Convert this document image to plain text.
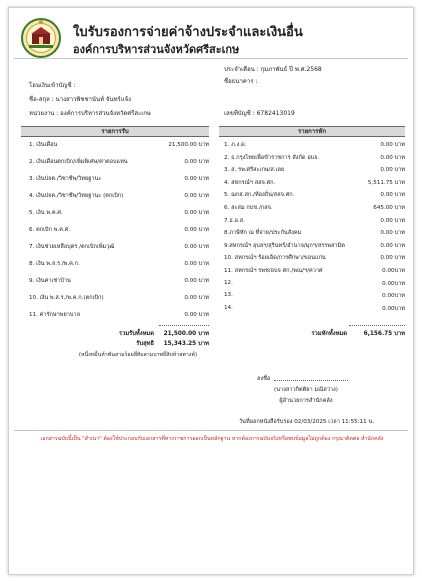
ใบรับรองการจ่ายค่าจ้างประจำและเงินอื่น
องค์การบริหารส่วนจังหวัดศรีสะเกษ
ประจำเดือน : กุมภาพันธ์ ปี พ.ศ.2568
ชื่อธนาคาร :
โอนเงินเข้าบัญชี :
ชื่อ-สกุล : นางสาวพิชชานันท์ จันทร์แจ้ง
หน่วยงาน : องค์การบริหารส่วนจังหวัดศรีสะเกษ	เลขที่บัญชี : 6782413019
รายการรับ	รายการหัก
1. เงินเดือน	21,500.00 บาท
2. เงินเดือนตกเบิก/เพิ่มพิเศษ/ค่าตอบแทน	0.00 บาท
3. เงินปจต./วิชาชีพ/วิทยฐานะ	0.00 บาท
4. เงินปจต./วิชาชีพ/วิทยฐานะ (ตกเบิก)	0.00 บาท
5. เงิน พ.ค.ศ.	0.00 บาท
6. ตกเบิก พ.ค.ศ.	0.00 บาท
7. เงินช่วยเหลือบุตร /ตกเบิกเพิ่มวุฒิ	0.00 บาท
8. เงิน พ.ส.ร./พ.ค.ก.	0.00 บาท
9. เงินค่าเช่าบ้าน	0.00 บาท
10. เงิน พ.ส.ร./พ.ค.ก.(ตกเบิก)	0.00 บาท
11. ค่ารักษาพยาบาล	0.00 บาท
1. ภ.ง.ด.	0.00 บาท
2. ธ.กรุงไทยเพื่อข้าราชการ สังกัด อบจ.	0.00 บาท
3. ส. รพ.ศรีสะเกษ/ส.เลย	0.00 บาท
4. สหกรณ์ฯ สสจ.ศก.	5,511.75 บาท
5. ฌกส.สก./ท้องถิ่น/สสจ.ศก.	0.00 บาท
6. สะสม กบข./กสจ.	645.00 บาท
7.ธ.อ.ส.	0.00 บาท
8.ภาษีหัก ณ ที่จ่าย/ประกันสังคม	0.00 บาท
9.สหกรณ์ฯ อุบลฯ/สุรินทร์/อำนาจ/มุกฯ/สรรพสามิต	0.00 บาท
10. สหกรณ์ฯ ร้อยเอ็ด/การศึกษา/ขอนแก่น	0.00 บาท
11. สหกรณ์ฯ รพช/อบจ ศก./พณ/ฯ/ควาศ	0.00บาท
12.	0.00บาท
13.	0.00บาท
14.	0.00บาท
รวมรับทั้งหมด	21,500.00 บาท
รับสุทธิ	15,343.25 บาท
(หนึ่งหมื่นห้าพันสามร้อยสี่สิบสามบาทยี่สิบห้าสตางค์)
รวมหักทั้งหมด	6,156.75 บาท
ลงชื่อ
(นางสาวกิตติยา มณีสว่าง)
ผู้อำนวยการสำนักคลัง
วันที่ออกหนังสือรับรอง 02/03/2025 เวลา 11:55:11 น.
เอกสารฉบับนี้เป็น "สำเนา" ต้องใช้ประกอบกับเอกสารที่ทางราชการออกเป็นหลักฐาน หากต้องการฉบับจริงหรือพบข้อมูลไม่ถูกต้อง กรุณาติดต่อ สำนักคลัง
